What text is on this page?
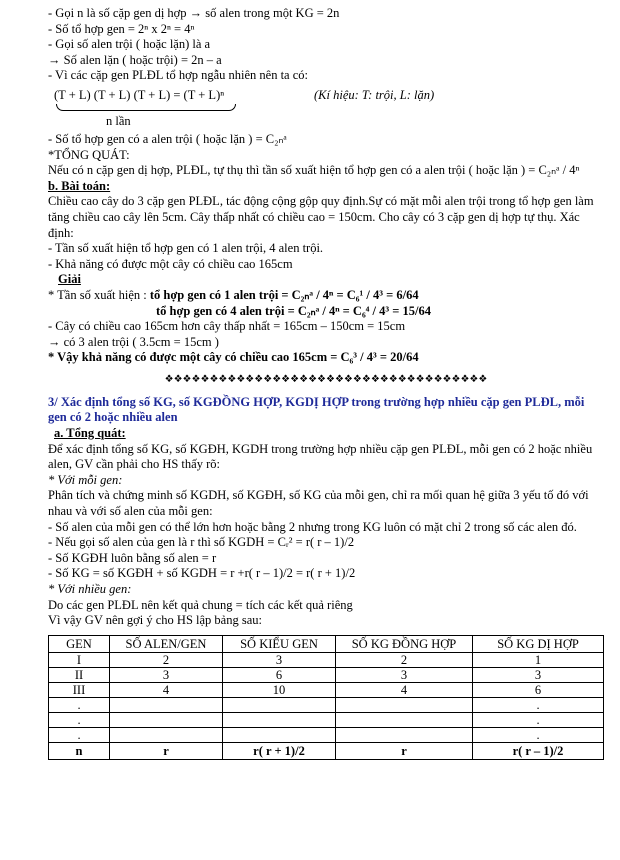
- Gọi n là số cặp gen dị hợp → số alen trong một KG = 2n
- Số tổ hợp gen = 2ⁿ x 2ⁿ = 4ⁿ
- Gọi số alen trội ( hoặc lặn) là a
→ Số alen lặn ( hoặc trội) = 2n – a
- Vì các cặp gen PLĐL tổ hợp ngẫu nhiên nên ta có:
(T + L) (T + L) (T + L) = (T + L)ⁿ	(Kí hiệu: T: trội, L: lặn)
n lần
- Số tổ hợp gen có a alen trội ( hoặc lặn ) = C₂ₙᵃ
*TỔNG QUÁT:
Nếu có n cặp gen dị hợp, PLĐL, tự thụ thì tần số xuất hiện tổ hợp gen có a alen trội ( hoặc lặn ) = C₂ₙᵃ / 4ⁿ
b. Bài toán:
Chiều cao cây do 3 cặp gen PLĐL, tác động cộng gộp quy định.Sự có mặt mỗi alen trội trong tổ hợp gen làm tăng chiều cao cây lên 5cm. Cây thấp nhất có chiều cao = 150cm. Cho cây có 3 cặp gen dị hợp tự thụ. Xác định:
- Tần số xuất hiện tổ hợp gen có 1 alen trội, 4 alen trội.
- Khả năng có được một cây có chiều cao 165cm
Giải
* Tần số xuất hiện : tổ hợp gen có 1 alen trội = C₂ₙᵃ / 4ⁿ = C₆¹ / 4³ = 6/64
tổ hợp gen có 4 alen trội = C₂ₙᵃ / 4ⁿ = C₆⁴ / 4³ = 15/64
- Cây có chiều cao 165cm hơn cây thấp nhất = 165cm – 150cm = 15cm
→ có 3 alen trội ( 3.5cm = 15cm )
* Vậy khả năng có được một cây có chiều cao 165cm = C₆³ / 4³ = 20/64
❖❖❖❖❖❖❖❖❖❖❖❖❖❖❖❖❖❖❖❖❖❖❖❖❖❖❖❖❖❖❖❖❖❖❖❖
3/ Xác định tổng số KG, số KGĐỒNG HỢP, KGDỊ HỢP trong trường hợp nhiều cặp gen PLĐL, mỗi gen có 2 hoặc nhiều alen
a. Tổng quát:
Để xác định tổng số KG, số KGĐH, KGDH trong trường hợp nhiều cặp gen PLĐL, mỗi gen có 2 hoặc nhiều alen, GV cần phải cho HS thấy rõ:
* Với mỗi gen:
Phân tích và chứng minh số KGDH, số KGĐH, số KG của mỗi gen, chỉ ra mối quan hệ giữa 3 yếu tố đó với nhau và với số alen của mỗi gen:
- Số alen của mỗi gen có thể lớn hơn hoặc bằng 2 nhưng trong KG luôn có mặt chỉ 2 trong số các alen đó.
- Nếu gọi số alen của gen là r thì số KGDH = Cᵣ² = r( r – 1)/2
- Số KGĐH luôn bằng số alen = r
- Số KG = số KGĐH + số KGDH = r +r( r – 1)/2 = r( r + 1)/2
* Với nhiều gen:
Do các gen PLĐL nên kết quả chung = tích các kết quả riêng
Vì vậy GV nên gợi ý cho HS lập bảng sau:
GEN	SỐ ALEN/GEN	SỐ KIỂU GEN	SỐ KG ĐỒNG HỢP	SỐ KG DỊ HỢP
I	2	3	2	1
II	3	6	3	3
III	4	10	4	6
.				.
.				.
.				.
n	r	r( r + 1)/2	r	r( r – 1)/2
